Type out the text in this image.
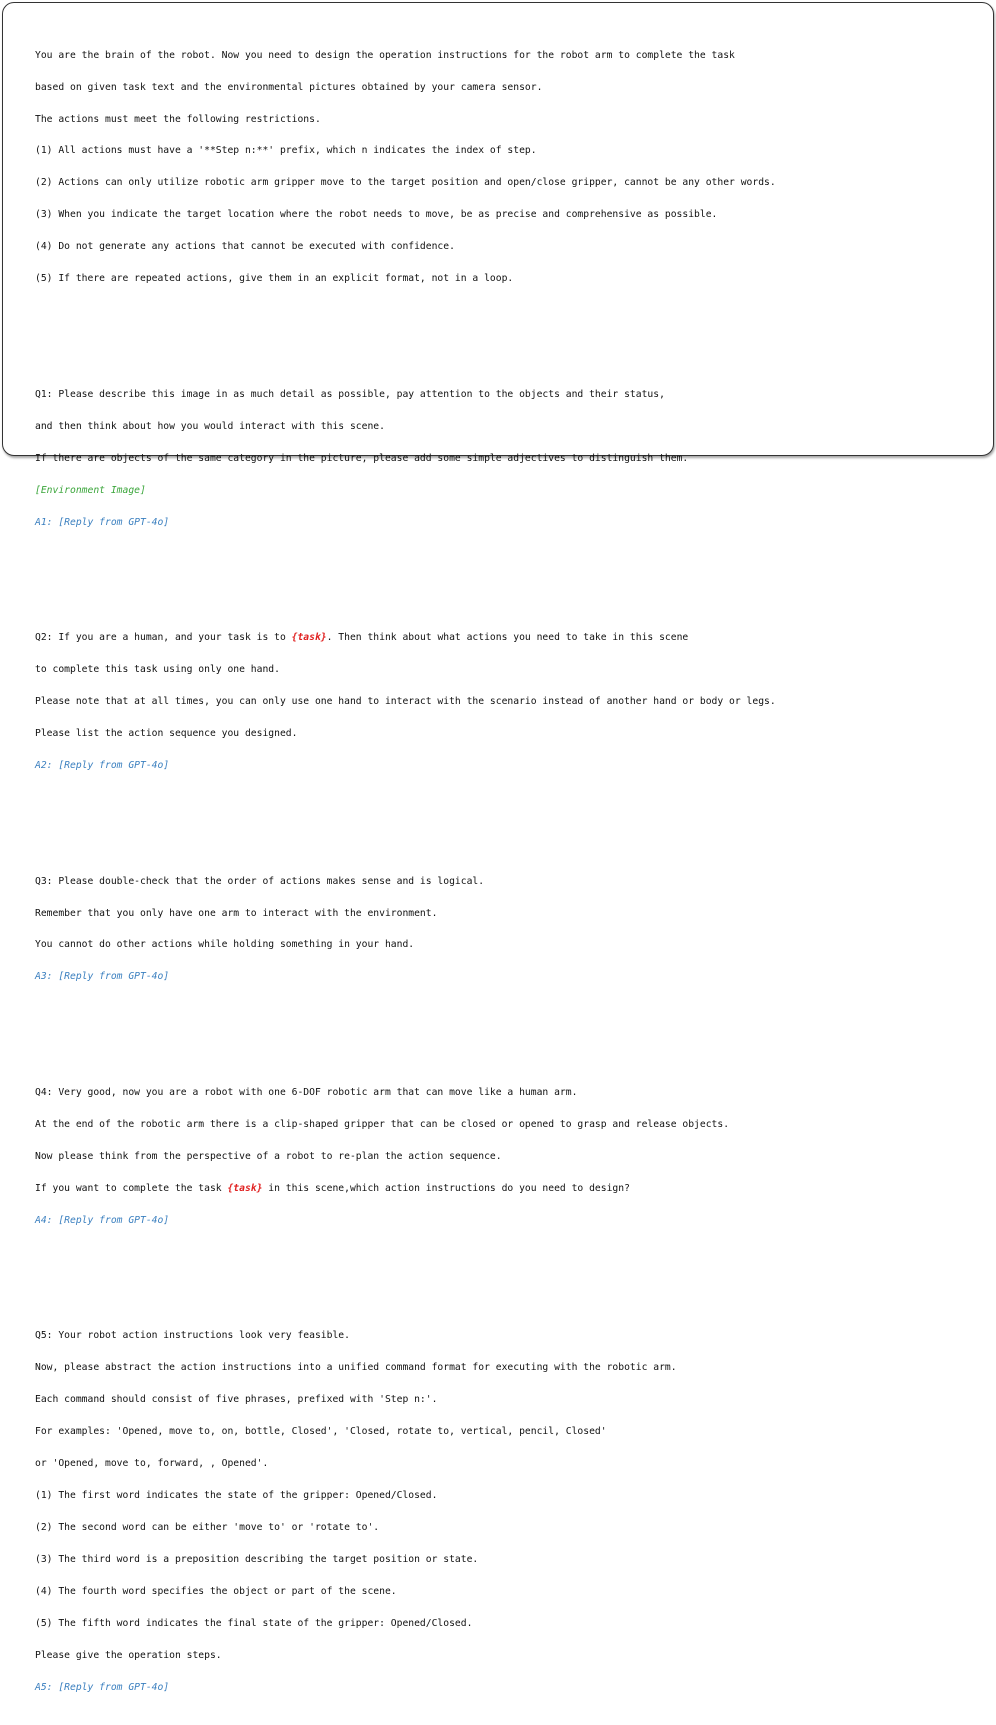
You are the brain of the robot. Now you need to design the operation instructions for the robot arm to complete the task

based on given task text and the environmental pictures obtained by your camera sensor.

The actions must meet the following restrictions.

(1) All actions must have a '**Step n:**' prefix, which n indicates the index of step.

(2) Actions can only utilize robotic arm gripper move to the target position and open/close gripper, cannot be any other words.

(3) When you indicate the target location where the robot needs to move, be as precise and comprehensive as possible.

(4) Do not generate any actions that cannot be executed with confidence.

(5) If there are repeated actions, give them in an explicit format, not in a loop.

Q1: Please describe this image in as much detail as possible, pay attention to the objects and their status,

and then think about how you would interact with this scene.

If there are objects of the same category in the picture, please add some simple adjectives to distinguish them.

[Environment Image]

A1: [Reply from GPT-4o]

Q2: If you are a human, and your task is to {task}. Then think about what actions you need to take in this scene

to complete this task using only one hand.

Please note that at all times, you can only use one hand to interact with the scenario instead of another hand or body or legs.

Please list the action sequence you designed.

A2: [Reply from GPT-4o]

Q3: Please double-check that the order of actions makes sense and is logical.

Remember that you only have one arm to interact with the environment.

You cannot do other actions while holding something in your hand.

A3: [Reply from GPT-4o]

Q4: Very good, now you are a robot with one 6-DOF robotic arm that can move like a human arm.

At the end of the robotic arm there is a clip-shaped gripper that can be closed or opened to grasp and release objects.

Now please think from the perspective of a robot to re-plan the action sequence.

If you want to complete the task {task} in this scene,which action instructions do you need to design?

A4: [Reply from GPT-4o]

Q5: Your robot action instructions look very feasible.

Now, please abstract the action instructions into a unified command format for executing with the robotic arm.

Each command should consist of five phrases, prefixed with 'Step n:'.

For examples: 'Opened, move to, on, bottle, Closed', 'Closed, rotate to, vertical, pencil, Closed'

or 'Opened, move to, forward, , Opened'.

(1) The first word indicates the state of the gripper: Opened/Closed.

(2) The second word can be either 'move to' or 'rotate to'.

(3) The third word is a preposition describing the target position or state.

(4) The fourth word specifies the object or part of the scene.

(5) The fifth word indicates the final state of the gripper: Opened/Closed.

Please give the operation steps.

A5: [Reply from GPT-4o]
